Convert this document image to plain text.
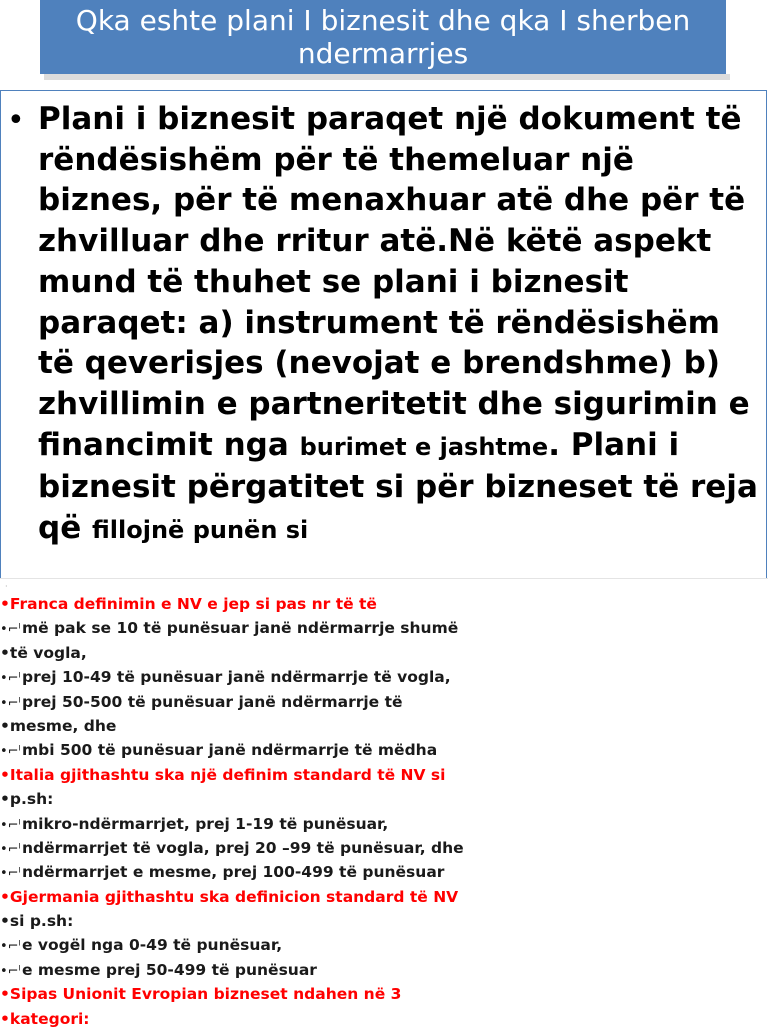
Qka eshte plani I biznesit dhe qka I sherben ndermarrjes
• Plani i biznesit paraqet një dokument të rëndësishëm për të themeluar një biznes, për të menaxhuar atë dhe për të zhvilluar dhe rritur atë.Në këtë aspekt mund të thuhet se plani i biznesit paraqet: a) instrument të rëndësishëm të qeverisjes (nevojat e brendshme) b) zhvillimin e partneritetit dhe sigurimin e financimit nga burimet e jashtme. Plani i biznesit përgatitet si për bizneset të reja që fillojnë punën si

·
•Franca definimin e NV e jep si pas nr të të
•⌐ˡmë pak se 10 të punësuar janë ndërmarrje shumë
•të vogla,
•⌐ˡprej 10-49 të punësuar janë ndërmarrje të vogla,
•⌐ˡprej 50-500 të punësuar janë ndërmarrje të
•mesme, dhe
•⌐ˡmbi 500 të punësuar janë ndërmarrje të mëdha
•Italia gjithashtu ska një definim standard të NV si
•p.sh:
•⌐ˡmikro-ndërmarrjet, prej 1-19 të punësuar,
•⌐ˡndërmarrjet të vogla, prej 20 –99 të punësuar, dhe
•⌐ˡndërmarrjet e mesme, prej 100-499 të punësuar
•Gjermania gjithashtu ska definicion standard të NV
•si p.sh:
•⌐ˡe vogël nga 0-49 të punësuar,
•⌐ˡe mesme prej 50-499 të punësuar
•Sipas Unionit Evropian bizneset ndahen në 3
•kategori:
